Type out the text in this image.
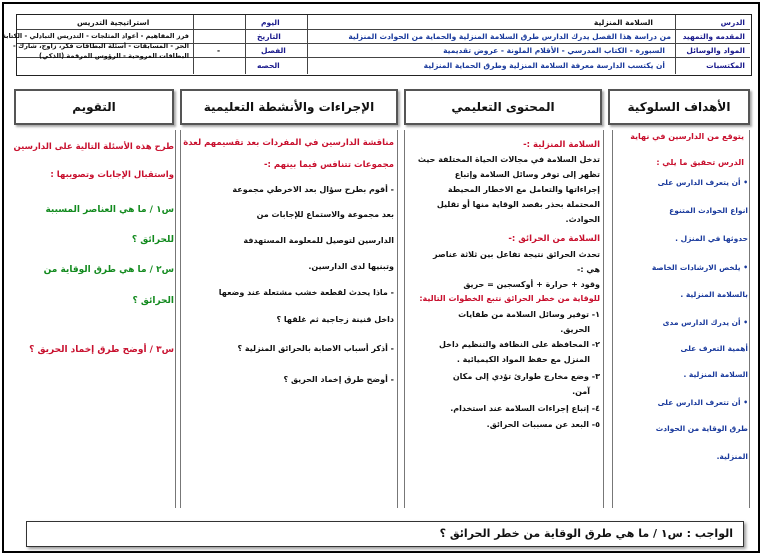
الدرس
المقدمه والتمهيد
المواد والوسائل
المكتسبات
السلامة المنزلية
من دراسة هذا الفصل يدرك الدارس طرق السلامة المنزلية والحماية من الحوادث المنزلية
السبورة - الكتاب المدرسي - الأقلام الملونة - عروض تقديمية
أن يكتسب الدارسة معرفة السلامة المنزلية وطرق الحماية المنزلية
اليوم
التاريخ
الفصل
الحصه
-
استراتيجية التدريس
فرز المفاهيم - أعواد المثلجات - التدريس التبادلي - الكتابة
الحر - المسابقات - أسئلة البطاقات فكر، زاوج، شارك -
البطاقات المروحية - الرؤوس المرقمة (الذكي)
الأهداف السلوكية
المحتوى التعليمي
الإجراءات والأنشطة التعليمية
التقويم
يتوقع من الدارسين في نهاية
الدرس تحقيق ما يلي :
• أن يتعرف الدارس على
انواع الحوادث المتنوع
حدوثها في المنزل .
• يلخص الارشادات الخاصة
بالسلامة المنزلية .
• أن يدرك الدارس مدى
أهمية التعرف على
السلامة المنزلية .
• أن تتعرف الدارس على
طرق الوقاية من الحوادث
المنزلية.
السلامة المنزلية :-
تدخل السلامة في مجالات الحياة المختلفة حيث
تظهر إلى توفر وسائل السلامة وإتباع
إجراءاتها والتعامل مع الاخطار المحيطة
المحتملة بحذر بقصد الوقاية منها أو تقليل
الحوادث.
السلامة من الحرائق :-
تحدث الحرائق نتيجة تفاعل بين ثلاثة عناصر
هي :-
وقود + حرارة + أوكسجين = حريق
للوقاية من خطر الحرائق نتبع الخطوات التالية:
١- توفير وسائل السلامة من طفايات
الحريق.
٢- المحافظة على النظافة والتنظيم داخل
المنزل مع حفظ المواد الكيميائية .
٣- وضع مخارج طوارئ تؤدي إلى مكان
آمن.
٤- إتباع إجراءات السلامة عند استخدام.
٥- البعد عن مسببات الحرائق.
مناقشة الدارسين في المفردات بعد تقسيمهم لعدة
مجموعات تتنافس فيما بينهم :-
- أقوم بطرح سؤال بعد الاخرطي مجموعة
بعد مجموعة والاستماع للإجابات من
الدارسين لتوصيل للمعلومة المستهدفة
وتبنيها لدى الدارسين.
- ماذا يحدث لقطعة خشب مشتعلة عند وضعها
داخل قنينة زجاجية ثم غلقها ؟
- أذكر أسباب الاصابة بالحرائق المنزلية ؟
- أوضح طرق إخماد الحريق ؟
طرح هذه الأسئلة التالية على الدارسين
واستقبال الإجابات وتصويبها :
س١ / ما هي العناصر المسببة
للحرائق ؟
س٢ / ما هي طرق الوقاية من
الحرائق ؟
س٣ / أوضح طرق إخماد الحريق ؟
الواجب : س١ / ما هي طرق الوقاية من خطر الحرائق ؟
